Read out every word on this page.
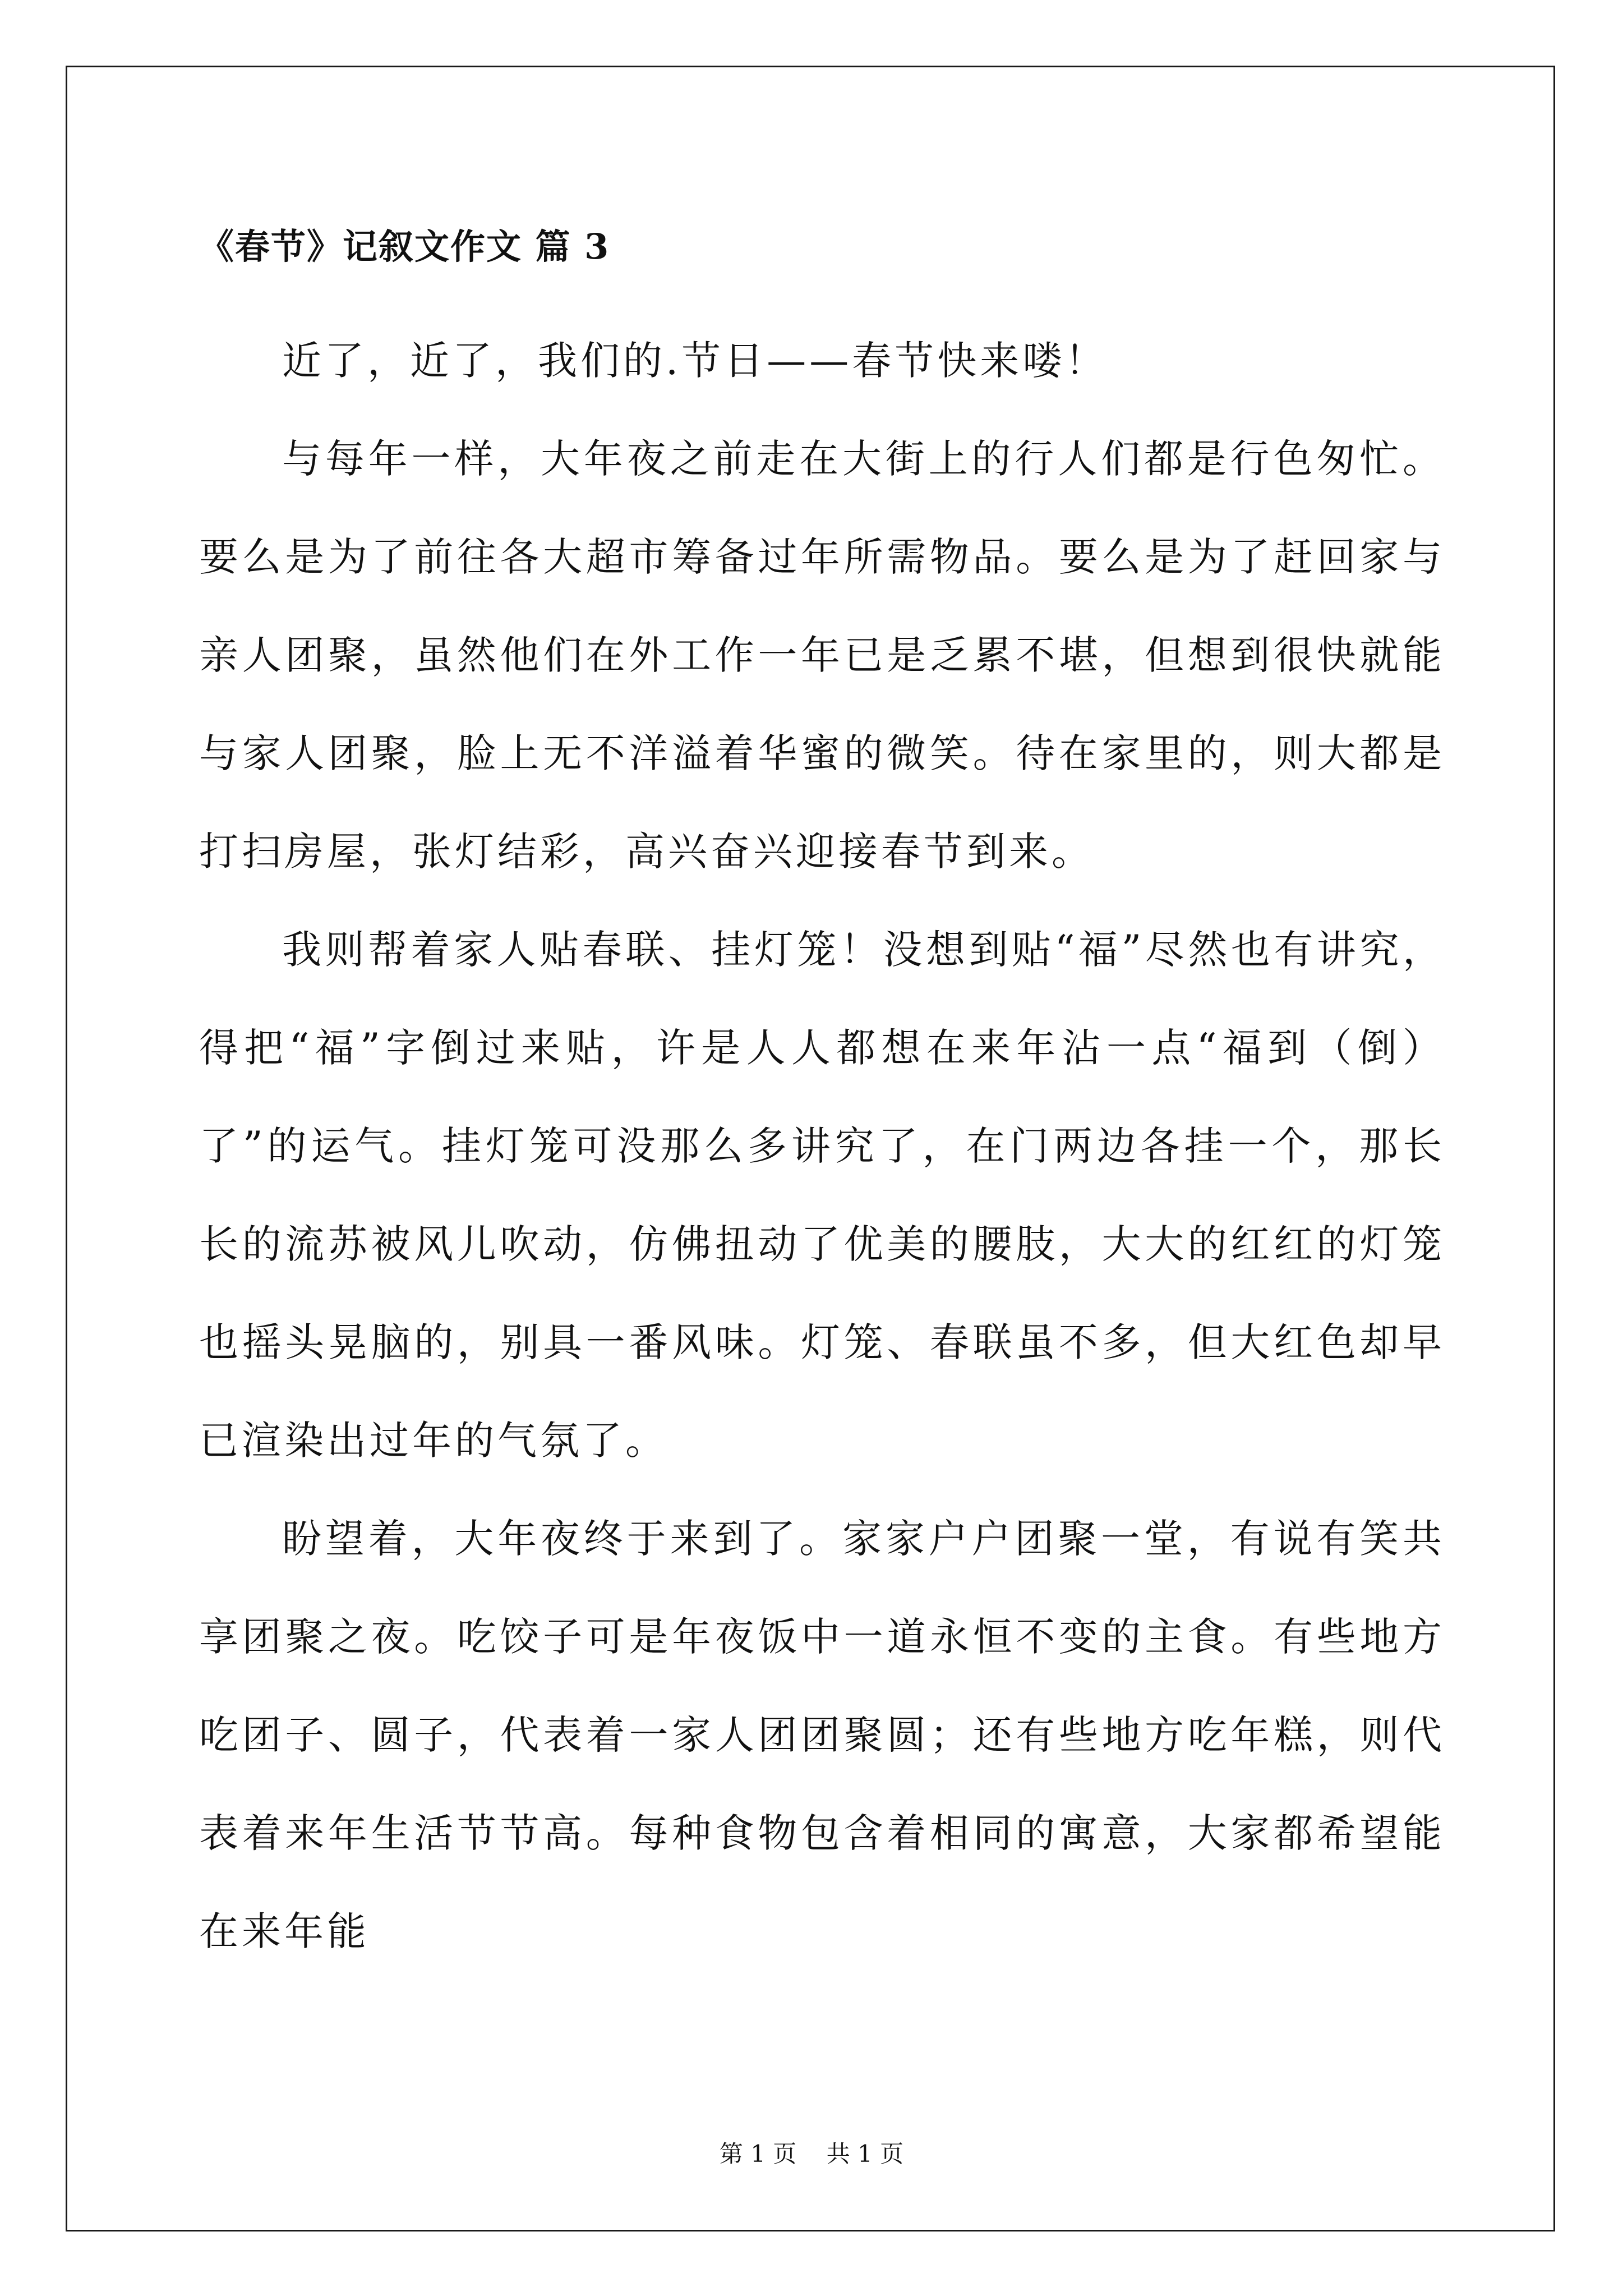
《春节》记叙文作文 篇 3

近了，近了，我们的.节日——春节快来喽！

与每年一样，大年夜之前走在大街上的行人们都是行色匆忙。要么是为了前往各大超市筹备过年所需物品。要么是为了赶回家与亲人团聚，虽然他们在外工作一年已是乏累不堪，但想到很快就能与家人团聚，脸上无不洋溢着华蜜的微笑。待在家里的，则大都是打扫房屋，张灯结彩，高兴奋兴迎接春节到来。

我则帮着家人贴春联、挂灯笼！没想到贴“福”尽然也有讲究，得把“福”字倒过来贴，许是人人都想在来年沾一点“福到（倒）了”的运气。挂灯笼可没那么多讲究了，在门两边各挂一个，那长长的流苏被风儿吹动，仿佛扭动了优美的腰肢，大大的红红的灯笼也摇头晃脑的，别具一番风味。灯笼、春联虽不多，但大红色却早已渲染出过年的气氛了。

盼望着，大年夜终于来到了。家家户户团聚一堂，有说有笑共享团聚之夜。吃饺子可是年夜饭中一道永恒不变的主食。有些地方吃团子、圆子，代表着一家人团团聚圆；还有些地方吃年糕，则代表着来年生活节节高。每种食物包含着相同的寓意，大家都希望能在来年能

第 1 页    共 1 页
